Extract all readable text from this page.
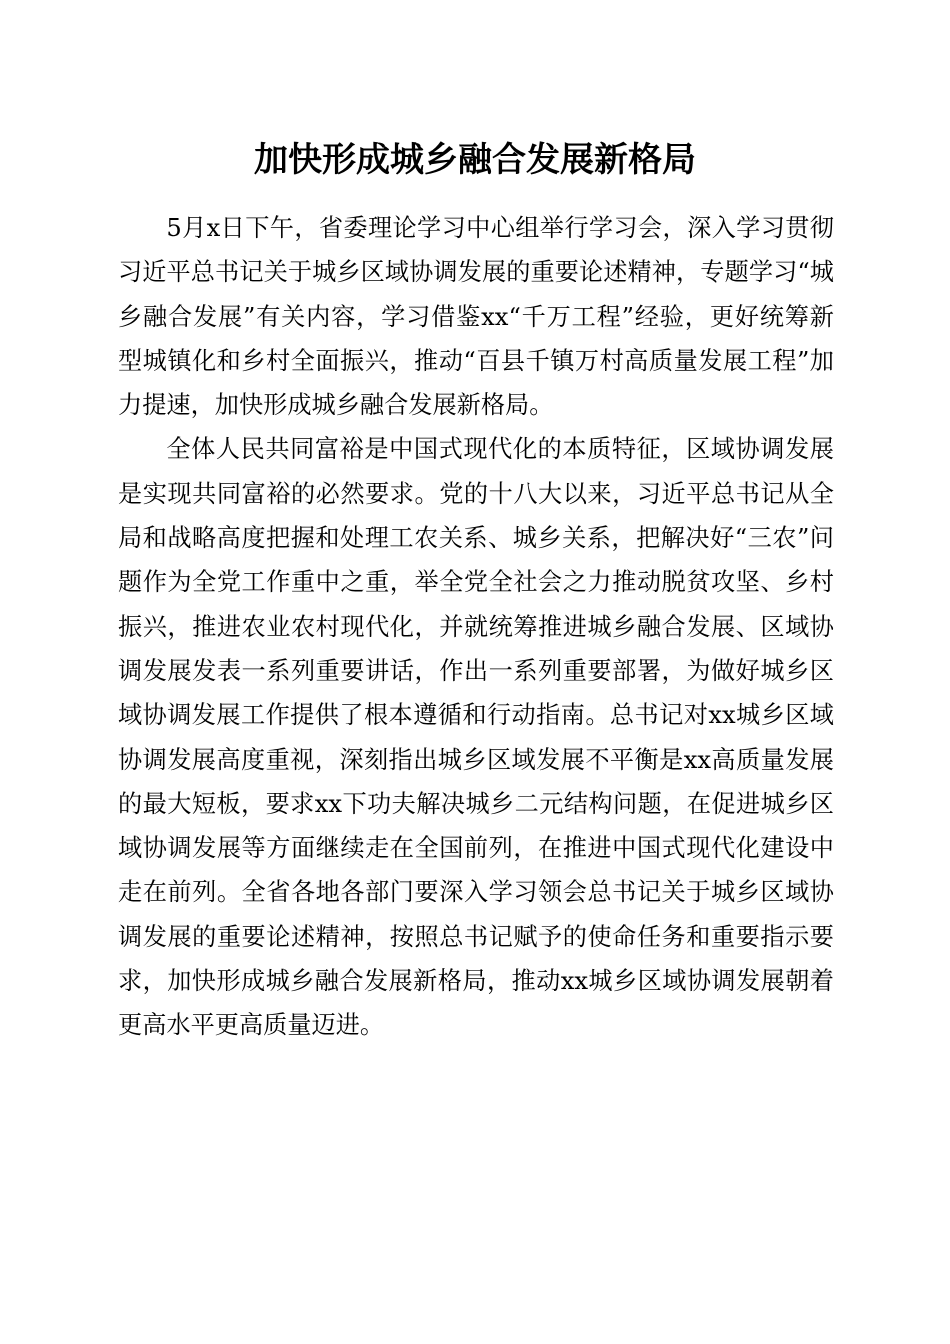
加快形成城乡融合发展新格局

5月x日下午，省委理论学习中心组举行学习会，深入学习贯彻习近平总书记关于城乡区域协调发展的重要论述精神，专题学习“城乡融合发展”有关内容，学习借鉴xx“千万工程”经验，更好统筹新型城镇化和乡村全面振兴，推动“百县千镇万村高质量发展工程”加力提速，加快形成城乡融合发展新格局。

全体人民共同富裕是中国式现代化的本质特征，区域协调发展是实现共同富裕的必然要求。党的十八大以来，习近平总书记从全局和战略高度把握和处理工农关系、城乡关系，把解决好“三农”问题作为全党工作重中之重，举全党全社会之力推动脱贫攻坚、乡村振兴，推进农业农村现代化，并就统筹推进城乡融合发展、区域协调发展发表一系列重要讲话，作出一系列重要部署，为做好城乡区域协调发展工作提供了根本遵循和行动指南。总书记对xx城乡区域协调发展高度重视，深刻指出城乡区域发展不平衡是xx高质量发展的最大短板，要求xx下功夫解决城乡二元结构问题，在促进城乡区域协调发展等方面继续走在全国前列，在推进中国式现代化建设中走在前列。全省各地各部门要深入学习领会总书记关于城乡区域协调发展的重要论述精神，按照总书记赋予的使命任务和重要指示要求，加快形成城乡融合发展新格局，推动xx城乡区域协调发展朝着更高水平更高质量迈进。
